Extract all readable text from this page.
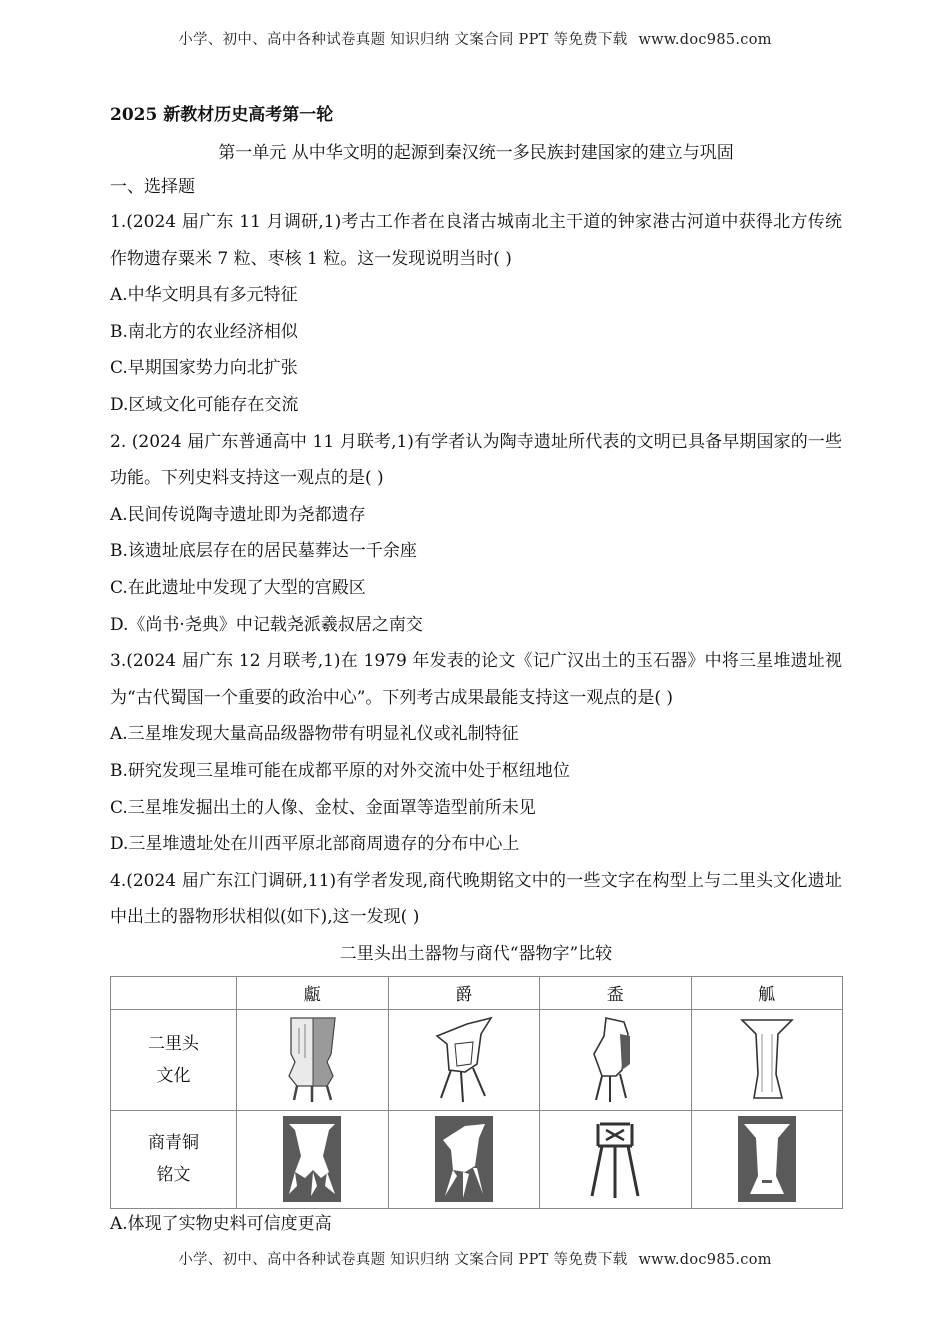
小学、初中、高中各种试卷真题 知识归纳 文案合同 PPT 等免费下载 www.doc985.com

2025 新教材历史高考第一轮

第一单元 从中华文明的起源到秦汉统一多民族封建国家的建立与巩固

一、选择题

1.(2024 届广东 11 月调研,1)考古工作者在良渚古城南北主干道的钟家港古河道中获得北方传统作物遗存粟米 7 粒、枣核 1 粒。这一发现说明当时( )

A.中华文明具有多元特征

B.南北方的农业经济相似

C.早期国家势力向北扩张

D.区域文化可能存在交流

2. (2024 届广东普通高中 11 月联考,1)有学者认为陶寺遗址所代表的文明已具备早期国家的一些功能。下列史料支持这一观点的是( )

A.民间传说陶寺遗址即为尧都遗存

B.该遗址底层存在的居民墓葬达一千余座

C.在此遗址中发现了大型的宫殿区

D.《尚书·尧典》中记载尧派羲叔居之南交

3.(2024 届广东 12 月联考,1)在 1979 年发表的论文《记广汉出土的玉石器》中将三星堆遗址视为“古代蜀国一个重要的政治中心”。下列考古成果最能支持这一观点的是( )

A.三星堆发现大量高品级器物带有明显礼仪或礼制特征

B.研究发现三星堆可能在成都平原的对外交流中处于枢纽地位

C.三星堆发掘出土的人像、金杖、金面罩等造型前所未见

D.三星堆遗址处在川西平原北部商周遗存的分布中心上

4.(2024 届广东江门调研,11)有学者发现,商代晚期铭文中的一些文字在构型上与二里头文化遗址中出土的器物形状相似(如下),这一发现( )

二里头出土器物与商代“器物字”比较

	甗	爵	盉	觚

二里头
文化

商青铜
铭文

A.体现了实物史料可信度更高

小学、初中、高中各种试卷真题 知识归纳 文案合同 PPT 等免费下载 www.doc985.com
